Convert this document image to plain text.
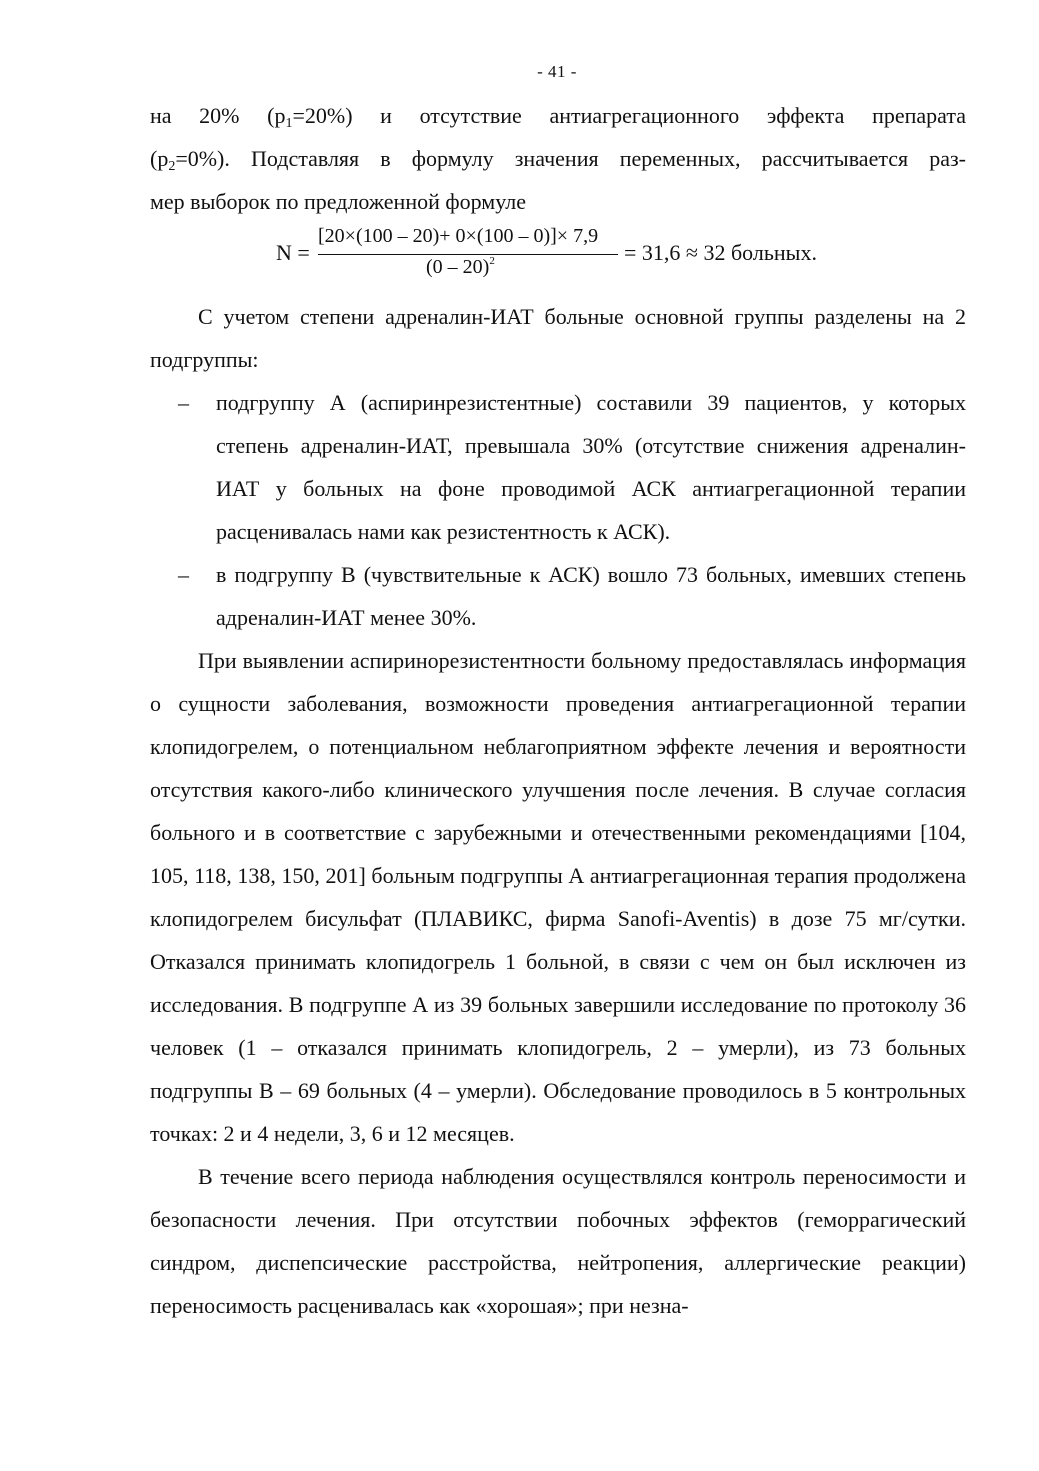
- 41 -
на 20% $(p_1=20\%)$ и отсутствие антиагрегационного эффекта препарата
$(p_2=0\%)$. Подставляя в формулу значения переменных, рассчитывается раз-
мер выборок по предложенной формуле
N =
[20×(100 – 20)+ 0×(100 – 0)]× 7,9
(0 – 20)$^2$	= 31,6 ≈ 32 больных.

С учетом степени адреналин-ИАТ больные основной группы разделены на 2 подгруппы:

– подгруппу А (аспиринрезистентные) составили 39 пациентов, у которых степень адреналин-ИАТ, превышала 30% (отсутствие снижения адреналин-ИАТ у больных на фоне проводимой АСК антиагрегационной терапии расценивалась нами как резистентность к АСК).
– в подгруппу В (чувствительные к АСК) вошло 73 больных, имевших степень адреналин-ИАТ менее 30%.

При выявлении аспиринорезистентности больному предоставлялась информация о сущности заболевания, возможности проведения антиагрегационной терапии клопидогрелем, о потенциальном неблагоприятном эффекте лечения и вероятности отсутствия какого-либо клинического улучшения после лечения. В случае согласия больного и в соответствие с зарубежными и отечественными рекомендациями [104, 105, 118, 138, 150, 201] больным подгруппы А антиагрегационная терапия продолжена клопидогрелем бисульфат (ПЛАВИКС, фирма Sanofi-Aventis) в дозе 75 мг/сутки. Отказался принимать клопидогрель 1 больной, в связи с чем он был исключен из исследования. В подгруппе А из 39 больных завершили исследование по протоколу 36 человек (1 – отказался принимать клопидогрель, 2 – умерли), из 73 больных подгруппы В – 69 больных (4 – умерли). Обследование проводилось в 5 контрольных точках: 2 и 4 недели, 3, 6 и 12 месяцев.

В течение всего периода наблюдения осуществлялся контроль переносимости и безопасности лечения. При отсутствии побочных эффектов (геморрагический синдром, диспепсические расстройства, нейтропения, аллергические реакции) переносимость расценивалась как «хорошая»; при незна-
